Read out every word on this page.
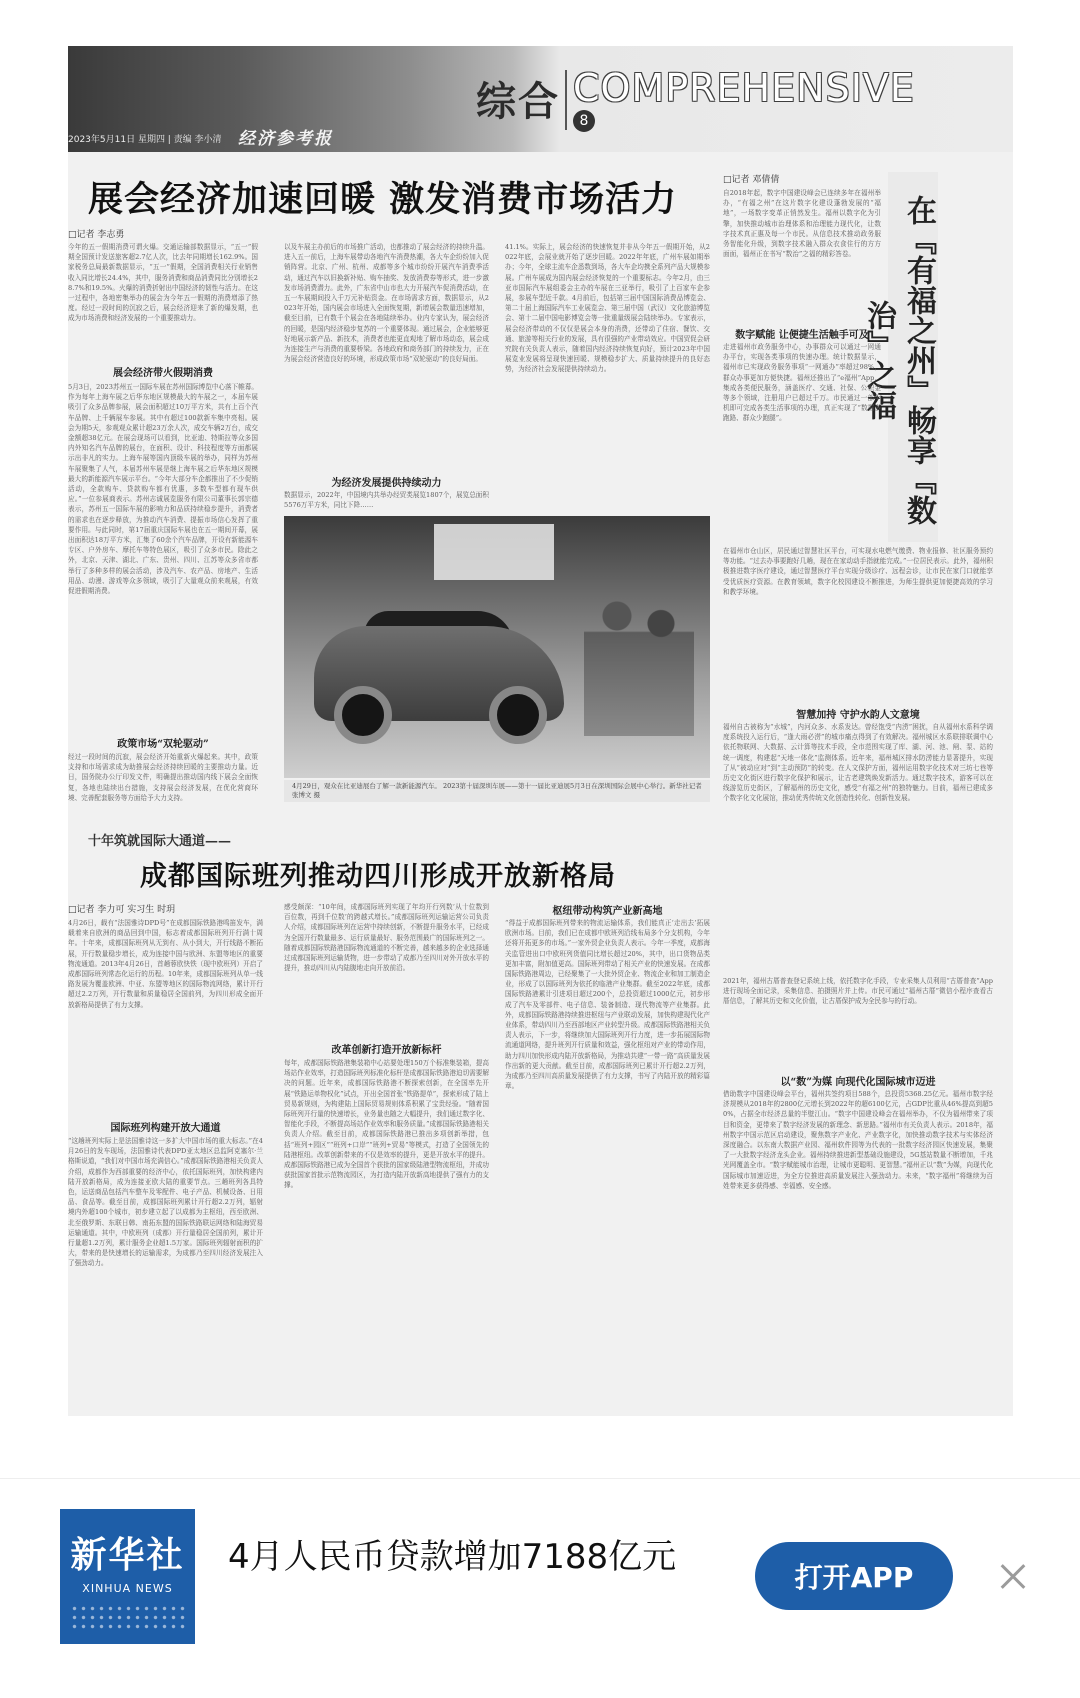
综合 COMPREHENSIVE
8
2023年5月11日 星期四 | 责编 李小清 经济参考报
展会经济加速回暖 激发消费市场活力
□记者 李志勇
今年的五一假期消费可谓火爆。交通运输部数据显示，“五一”假期全国预计发送旅客超2.7亿人次，比去年同期增长162.9%。国家税务总局最新数据显示，“五一”假期，全国消费相关行业销售收入同比增长24.4%，其中，服务消费和商品消费同比分别增长28.7%和19.5%。火爆的消费折射出中国经济的韧性与活力。在这一过程中，各地密集举办的展会为今年五一假期的消费增添了热度。经过一段时间的沉寂之后，展会经济迎来了新的爆发期，也成为市场消费和经济发展的一个重要推动力。
展会经济带火假期消费
5月3日，2023苏州五一国际车展在苏州国际博览中心落下帷幕。作为每年上海车展之后华东地区规模最大的车展之一，本届车展吸引了众多品牌参展，展会面积超过10万平方米，共有上百个汽车品牌、上千辆展车参展。其中有超过100款新车集中亮相。展会为期5天，参观观众累计超23万余人次，成交车辆2万台，成交金额超38亿元。在展会现场可以看到，比亚迪、特斯拉等众多国内外知名汽车品牌的展台，在面积、设计、科技程度等方面都展示出非凡的实力。上海车展等国内顶级车展的举办，同样为苏州车展聚集了人气，本届苏州车展是继上海车展之后华东地区规模最大的新能源汽车展示平台。“今年大部分车企都推出了不少促销活动，全款购车、贷款购车都有优惠，多数车型都有现车供应。”一位参展商表示。苏州志诚展览服务有限公司董事长郭宗德表示，苏州五一国际车展的影响力和品质持续稳步提升，消费者的需求也在逐步释放，为推动汽车消费、提振市场信心发挥了重要作用。与此同时，第17届重庆国际车展也在五一期间开幕，展出面积达18万平方米，汇集了60余个汽车品牌，开设有新能源车专区、户外房车、摩托车等特色展区，吸引了众多市民。除此之外，北京、天津、湖北、广东、贵州、四川、江苏等众多省市都举行了多种多样的展会活动，涉及汽车、农产品、房地产、生活用品、动漫、游戏等众多领域，吸引了大量观众前来观展，有效促进假期消费。
政策市场“双轮驱动”
经过一段时间的沉寂，展会经济开始重新火爆起来。其中，政策支持和市场需求成为助推展会经济持续回暖的主要推动力量。近日，国务院办公厅印发文件，明确提出推动国内线下展会全面恢复，各地也陆续出台措施，支持展会经济发展，在优化营商环境、完善配套服务等方面给予大力支持。
以及车展主办前后的市场推广活动，也都推动了展会经济的持续升温。进入五一前后，上海车展带动各地汽车消费热潮，各大车企纷纷加入促销阵营。北京、广州、杭州、成都等多个城市纷纷开展汽车消费季活动，通过汽车以旧换新补贴、购车抽奖、发放消费券等形式，进一步激发市场消费潜力。此外，广东省中山市也大力开展汽车促消费活动，在五一车展期间投入千万元补贴资金。在市场需求方面，数据显示，从2023年开始，国内展会市场进入全面恢复期，新增展会数量迅速增加，截至目前，已有数千个展会在各地陆续举办。业内专家认为，展会经济的回暖，是国内经济稳步复苏的一个重要体现。通过展会，企业能够更好地展示新产品、新技术，消费者也能更直观地了解市场动态，展会成为连接生产与消费的重要桥梁。各地政府和商务部门的持续发力，正在为展会经济营造良好的环境，形成政策市场“双轮驱动”的良好局面。
为经济发展提供持续动力
数据显示，2022年，中国境内共举办经贸类展览1807个，展览总面积5576万平方米，同比下降……
41.1%。实际上，展会经济的快速恢复并非从今年五一假期开始，从2022年底，会展业就开始了逐步回暖。2022年年底，广州车展如期举办；今年，全球主流车企悉数到场，各大车企均携全系列产品大规模参展。广州车展成为国内展会经济恢复的一个重要标志。今年2月，由三亚市国际汽车展组委会主办的车展在三亚举行，吸引了上百家车企参展，参展车型近千款。4月前后，包括第三届中国国际消费品博览会、第二十届上海国际汽车工业展览会、第三届中国（武汉）文化旅游博览会、第十二届中国电影博览会等一批重量级展会陆续举办。专家表示，展会经济带动的不仅仅是展会本身的消费，还带动了住宿、餐饮、交通、旅游等相关行业的发展，具有很强的产业带动效应。中国贸促会研究院有关负责人表示，随着国内经济持续恢复向好，预计2023年中国展览业发展将呈现快速回暖、规模稳步扩大、质量持续提升的良好态势，为经济社会发展提供持续动力。
4月29日，观众在比亚迪展台了解一款新能源汽车。 2023第十届深圳车展——第十一届比亚迪展5月3日在深圳国际会展中心举行。新华社记者 张博文 摄
□记者 邓倩倩
在『有福之州』畅享『数治』之福
自2018年起，数字中国建设峰会已连续多年在福州举办，“有福之州”在这片数字化建设蓬勃发展的“福地”，一场数字变革正悄然发生。福州以数字化为引擎，加快推动城市治理体系和治理能力现代化，让数字技术真正惠及每一个市民。从信息技术推动政务服务智能化升级，到数字技术融入群众衣食住行的方方面面，福州正在书写“数治”之福的精彩答卷。
数字赋能 让便捷生活触手可及
走进福州市政务服务中心，办事群众可以通过一网通办平台，实现各类事项的快速办理。统计数据显示，福州市已实现政务服务事项“一网通办”率超过98%，群众办事更加方便快捷。福州还推出了“e福州”App，集成各类便民服务，涵盖医疗、交通、社保、公积金等多个领域，注册用户已超过千万。市民通过一部手机即可完成各类生活事项的办理，真正实现了“数据多跑路、群众少跑腿”。
在福州市仓山区，居民通过智慧社区平台，可实现水电燃气缴费、物业报修、社区服务预约等功能。“过去办事要跑好几趟，现在在家动动手指就能完成。”一位居民表示。此外，福州积极推进数字医疗建设，通过智慧医疗平台实现分级诊疗、远程会诊，让市民在家门口就能享受优质医疗资源。在教育领域，数字化校园建设不断推进，为师生提供更加便捷高效的学习和教学环境。
智慧加持 守护水韵人文意境
福州自古被称为“水城”，内河众多、水系发达。曾经饱受“内涝”困扰，自从福州水系科学调度系统投入运行后，“逢大雨必涝”的城市痛点得到了有效解决。福州城区水系联排联调中心依托物联网、大数据、云计算等技术手段，全市范围实现了库、湖、河、池、闸、泵、站的统一调度，构建起“天地一体化”监测体系。近年来，福州城区排水防涝能力显著提升，实现了从“被动应对”到“主动预防”的转变。在人文保护方面，福州运用数字化技术对三坊七巷等历史文化街区进行数字化保护和展示，让古老建筑焕发新活力。通过数字技术，游客可以在线游览历史街区，了解福州的历史文化，感受“有福之州”的独特魅力。目前，福州已建成多个数字化文化展馆，推动优秀传统文化创造性转化、创新性发展。
2021年，福州古厝普查登记系统上线，依托数字化手段，专业采集人员利用“古厝普查”App进行现场全面记录，采集信息、拍摄照片并上传。市民可通过“福州古厝”微信小程序查看古厝信息，了解其历史和文化价值，让古厝保护成为全民参与的行动。
以“数”为媒 向现代化国际城市迈进
借助数字中国建设峰会平台，福州共签约项目588个，总投资5368.25亿元。福州市数字经济规模从2018年的2800亿元增长到2022年的超6100亿元，占GDP比重从46%提高到超50%，占据全市经济总量的半壁江山。“数字中国建设峰会在福州举办，不仅为福州带来了项目和资金，更带来了数字经济发展的新理念、新思路。”福州市有关负责人表示。2018年，福州数字中国示范区启动建设，聚焦数字产业化、产业数字化，加快推动数字技术与实体经济深度融合。以东南大数据产业园、福州软件园等为代表的一批数字经济园区快速发展，集聚了一大批数字经济龙头企业。福州持续推进新型基础设施建设，5G基站数量不断增加，千兆光网覆盖全市。“数字赋能城市治理，让城市更聪明、更智慧。”福州正以“数”为媒，向现代化国际城市加速迈进，为全方位推进高质量发展注入强劲动力。未来，“数字福州”将继续为百姓带来更多获得感、幸福感、安全感。
十年筑就国际大通道——
成都国际班列推动四川形成开放新格局
□记者 李力可 实习生 时玥
4月26日，载有“法国雅诗DPD号”在成都国际铁路港鸣笛发车，满载着来自欧洲的商品回到中国，标志着成都国际班列开行满十周年。十年来，成都国际班列从无到有、从小到大，开行线路不断拓展，开行数量稳步增长，成为连接中国与欧洲、东盟等地区的重要物流通道。2013年4月26日，首趟蓉欧快铁（现中欧班列）开启了成都国际班列常态化运行的历程。10年来，成都国际班列从单一线路发展为覆盖欧洲、中亚、东盟等地区的国际物流网络，累计开行超过2.2万列，开行数量和质量稳居全国前列，为四川形成全面开放新格局提供了有力支撑。
国际班列构建开放大通道
“这趟班列实际上是法国雅诗这一多扩大中国市场的重大标志。”在4月26日的发车现场，法国雅诗代表DPD亚太地区总监阿克塞尔·兰格斯说道，“我们对中国市场充满信心。”成都国际铁路港相关负责人介绍，成都作为西部重要的经济中心，依托国际班列，加快构建内陆开放新格局，成为连接亚欧大陆的重要节点。三趟班列各具特色，运送商品包括汽车整车及零配件、电子产品、机械设备、日用品、食品等。截至目前，成都国际班列累计开行超2.2万列，辐射境内外超100个城市，初步建立起了以成都为主枢纽，西至欧洲、北至俄罗斯、东联日韩、南拓东盟的国际铁路联运网络和陆海贸易运输通道。其中，中欧班列（成都）开行量稳居全国前列，累计开行量超1.2万列，累计服务企业超1.5万家。国际班列辐射面积的扩大，带来的是快速增长的运输需求，为成都乃至四川经济发展注入了强劲动力。
感受颇深：“10年间，成都国际班列实现了年均开行列数‘从十位数到百位数，再到千位数’的跨越式增长。”成都国际班列运输运营公司负责人介绍，成都国际班列在运营中持续创新，不断提升服务水平，已经成为全国开行数量最多、运行质量最好、服务范围最广的国际班列之一。随着成都国际铁路港国际物流通道的不断完善，越来越多的企业选择通过成都国际班列运输货物，进一步带动了成都乃至四川对外开放水平的提升，推动四川从内陆腹地走向开放前沿。
改革创新打造开放新标杆
每年，成都国际铁路港集装箱中心站要处理150万个标准集装箱，提高场站作业效率，打造国际班列标准化标杆是成都国际铁路港迫切需要解决的问题。近年来，成都国际铁路港不断探索创新，在全国率先开展“铁路运单物权化”试点，开出全国首张“铁路提单”，探索形成了陆上贸易新规则，为构建陆上国际贸易规则体系积累了宝贵经验。“随着国际班列开行量的快速增长，业务量也随之大幅提升，我们通过数字化、智能化手段，不断提高场站作业效率和服务质量。”成都国际铁路港相关负责人介绍。截至目前，成都国际铁路港已推出多项创新举措，包括“班列+园区”“班列+口岸”“班列+贸易”等模式，打造了全国领先的陆港枢纽。改革创新带来的不仅是效率的提升，更是开放水平的提升。成都国际铁路港已成为全国首个获批的国家级陆港型物流枢纽，并成功获批国家首批示范物流园区，为打造内陆开放新高地提供了强有力的支撑。
枢纽带动构筑产业新高地
“得益于成都国际班列带来的物流运输体系，我们能真正‘走出去’拓展欧洲市场。目前，我们已在成都中欧班列沿线布局多个分支机构，今年还将开拓更多的市场。”一家外贸企业负责人表示。今年一季度，成都海关监管进出口中欧班列货值同比增长超过20%，其中，出口货物品类更加丰富，附加值更高。国际班列带动了相关产业的快速发展。在成都国际铁路港周边，已经聚集了一大批外贸企业、物流企业和加工制造企业，形成了以国际班列为依托的临港产业集群。截至2022年底，成都国际铁路港累计引进项目超过200个，总投资超过1000亿元，初步形成了汽车及零部件、电子信息、装备制造、现代物流等产业集群。此外，成都国际铁路港持续推进枢纽与产业联动发展，加快构建现代化产业体系，带动四川乃至西部地区产业转型升级。成都国际铁路港相关负责人表示，下一步，将继续加大国际班列开行力度，进一步拓展国际物流通道网络，提升班列开行质量和效益，强化枢纽对产业的带动作用，助力四川加快形成内陆开放新格局，为推动共建“一带一路”高质量发展作出新的更大贡献。截至目前，成都国际班列已累计开行超2.2万列，为成都乃至四川高质量发展提供了有力支撑，书写了内陆开放的精彩篇章。
新华社
XINHUA NEWS
4月人民币贷款增加7188亿元
打开APP
